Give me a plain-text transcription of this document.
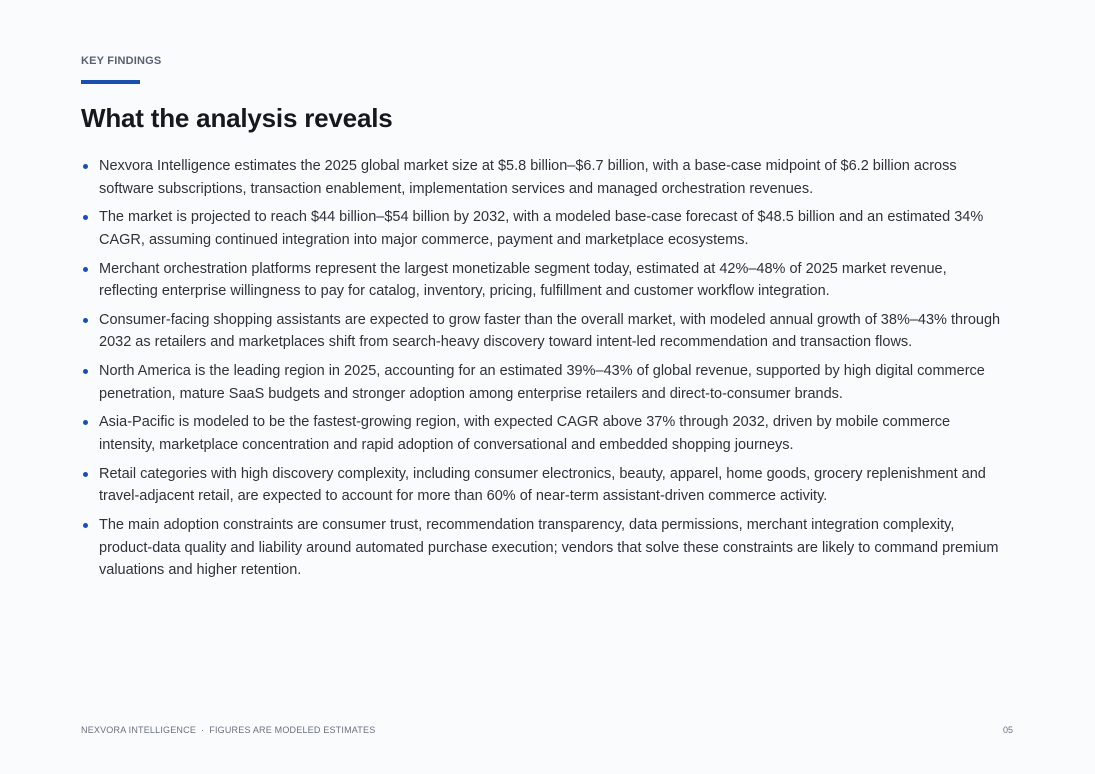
KEY FINDINGS
What the analysis reveals
Nexvora Intelligence estimates the 2025 global market size at $5.8 billion–$6.7 billion, with a base-case midpoint of $6.2 billion across software subscriptions, transaction enablement, implementation services and managed orchestration revenues.
The market is projected to reach $44 billion–$54 billion by 2032, with a modeled base-case forecast of $48.5 billion and an estimated 34% CAGR, assuming continued integration into major commerce, payment and marketplace ecosystems.
Merchant orchestration platforms represent the largest monetizable segment today, estimated at 42%–48% of 2025 market revenue, reflecting enterprise willingness to pay for catalog, inventory, pricing, fulfillment and customer workflow integration.
Consumer-facing shopping assistants are expected to grow faster than the overall market, with modeled annual growth of 38%–43% through 2032 as retailers and marketplaces shift from search-heavy discovery toward intent-led recommendation and transaction flows.
North America is the leading region in 2025, accounting for an estimated 39%–43% of global revenue, supported by high digital commerce penetration, mature SaaS budgets and stronger adoption among enterprise retailers and direct-to-consumer brands.
Asia-Pacific is modeled to be the fastest-growing region, with expected CAGR above 37% through 2032, driven by mobile commerce intensity, marketplace concentration and rapid adoption of conversational and embedded shopping journeys.
Retail categories with high discovery complexity, including consumer electronics, beauty, apparel, home goods, grocery replenishment and travel-adjacent retail, are expected to account for more than 60% of near-term assistant-driven commerce activity.
The main adoption constraints are consumer trust, recommendation transparency, data permissions, merchant integration complexity, product-data quality and liability around automated purchase execution; vendors that solve these constraints are likely to command premium valuations and higher retention.
NEXVORA INTELLIGENCE · FIGURES ARE MODELED ESTIMATES	05
